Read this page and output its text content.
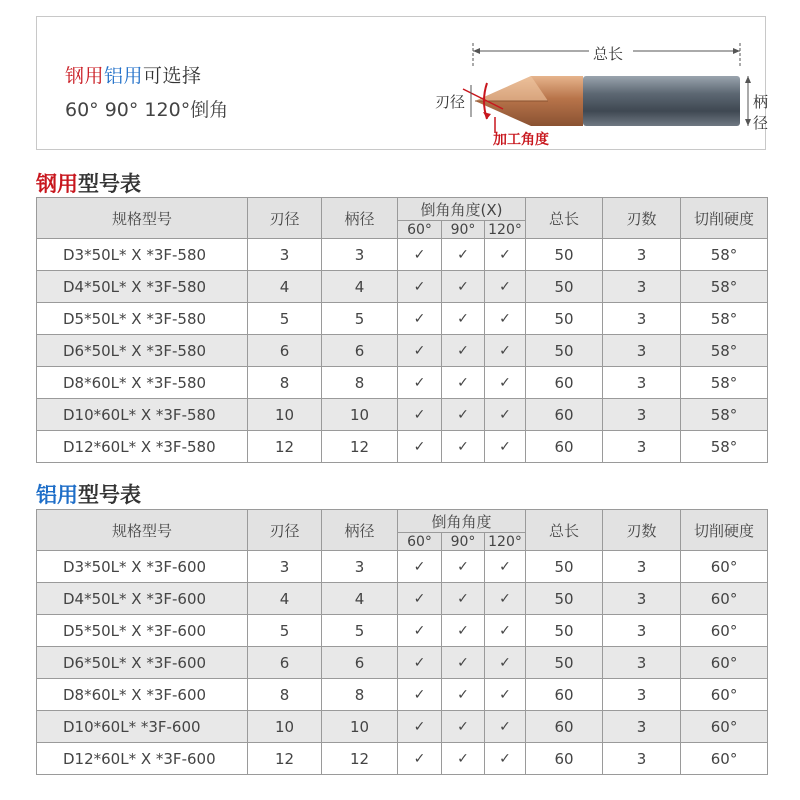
钢用铝用可选择
60° 90° 120°倒角
总长
刃径	柄径
加工角度
钢用型号表
规格型号	刃径	柄径	倒角角度(X)			总长	刃数	切削硬度
			60°	90°	120°			
D3*50L* X *3F-580	3	3	✓	✓	✓	50	3	58°
D4*50L* X *3F-580	4	4	✓	✓	✓	50	3	58°
D5*50L* X *3F-580	5	5	✓	✓	✓	50	3	58°
D6*50L* X *3F-580	6	6	✓	✓	✓	50	3	58°
D8*60L* X *3F-580	8	8	✓	✓	✓	60	3	58°
D10*60L* X *3F-580	10	10	✓	✓	✓	60	3	58°
D12*60L* X *3F-580	12	12	✓	✓	✓	60	3	58°
铝用型号表
规格型号	刃径	柄径	倒角角度			总长	刃数	切削硬度
			60°	90°	120°			
D3*50L* X *3F-600	3	3	✓	✓	✓	50	3	60°
D4*50L* X *3F-600	4	4	✓	✓	✓	50	3	60°
D5*50L* X *3F-600	5	5	✓	✓	✓	50	3	60°
D6*50L* X *3F-600	6	6	✓	✓	✓	50	3	60°
D8*60L* X *3F-600	8	8	✓	✓	✓	60	3	60°
D10*60L* *3F-600	10	10	✓	✓	✓	60	3	60°
D12*60L* X *3F-600	12	12	✓	✓	✓	60	3	60°
